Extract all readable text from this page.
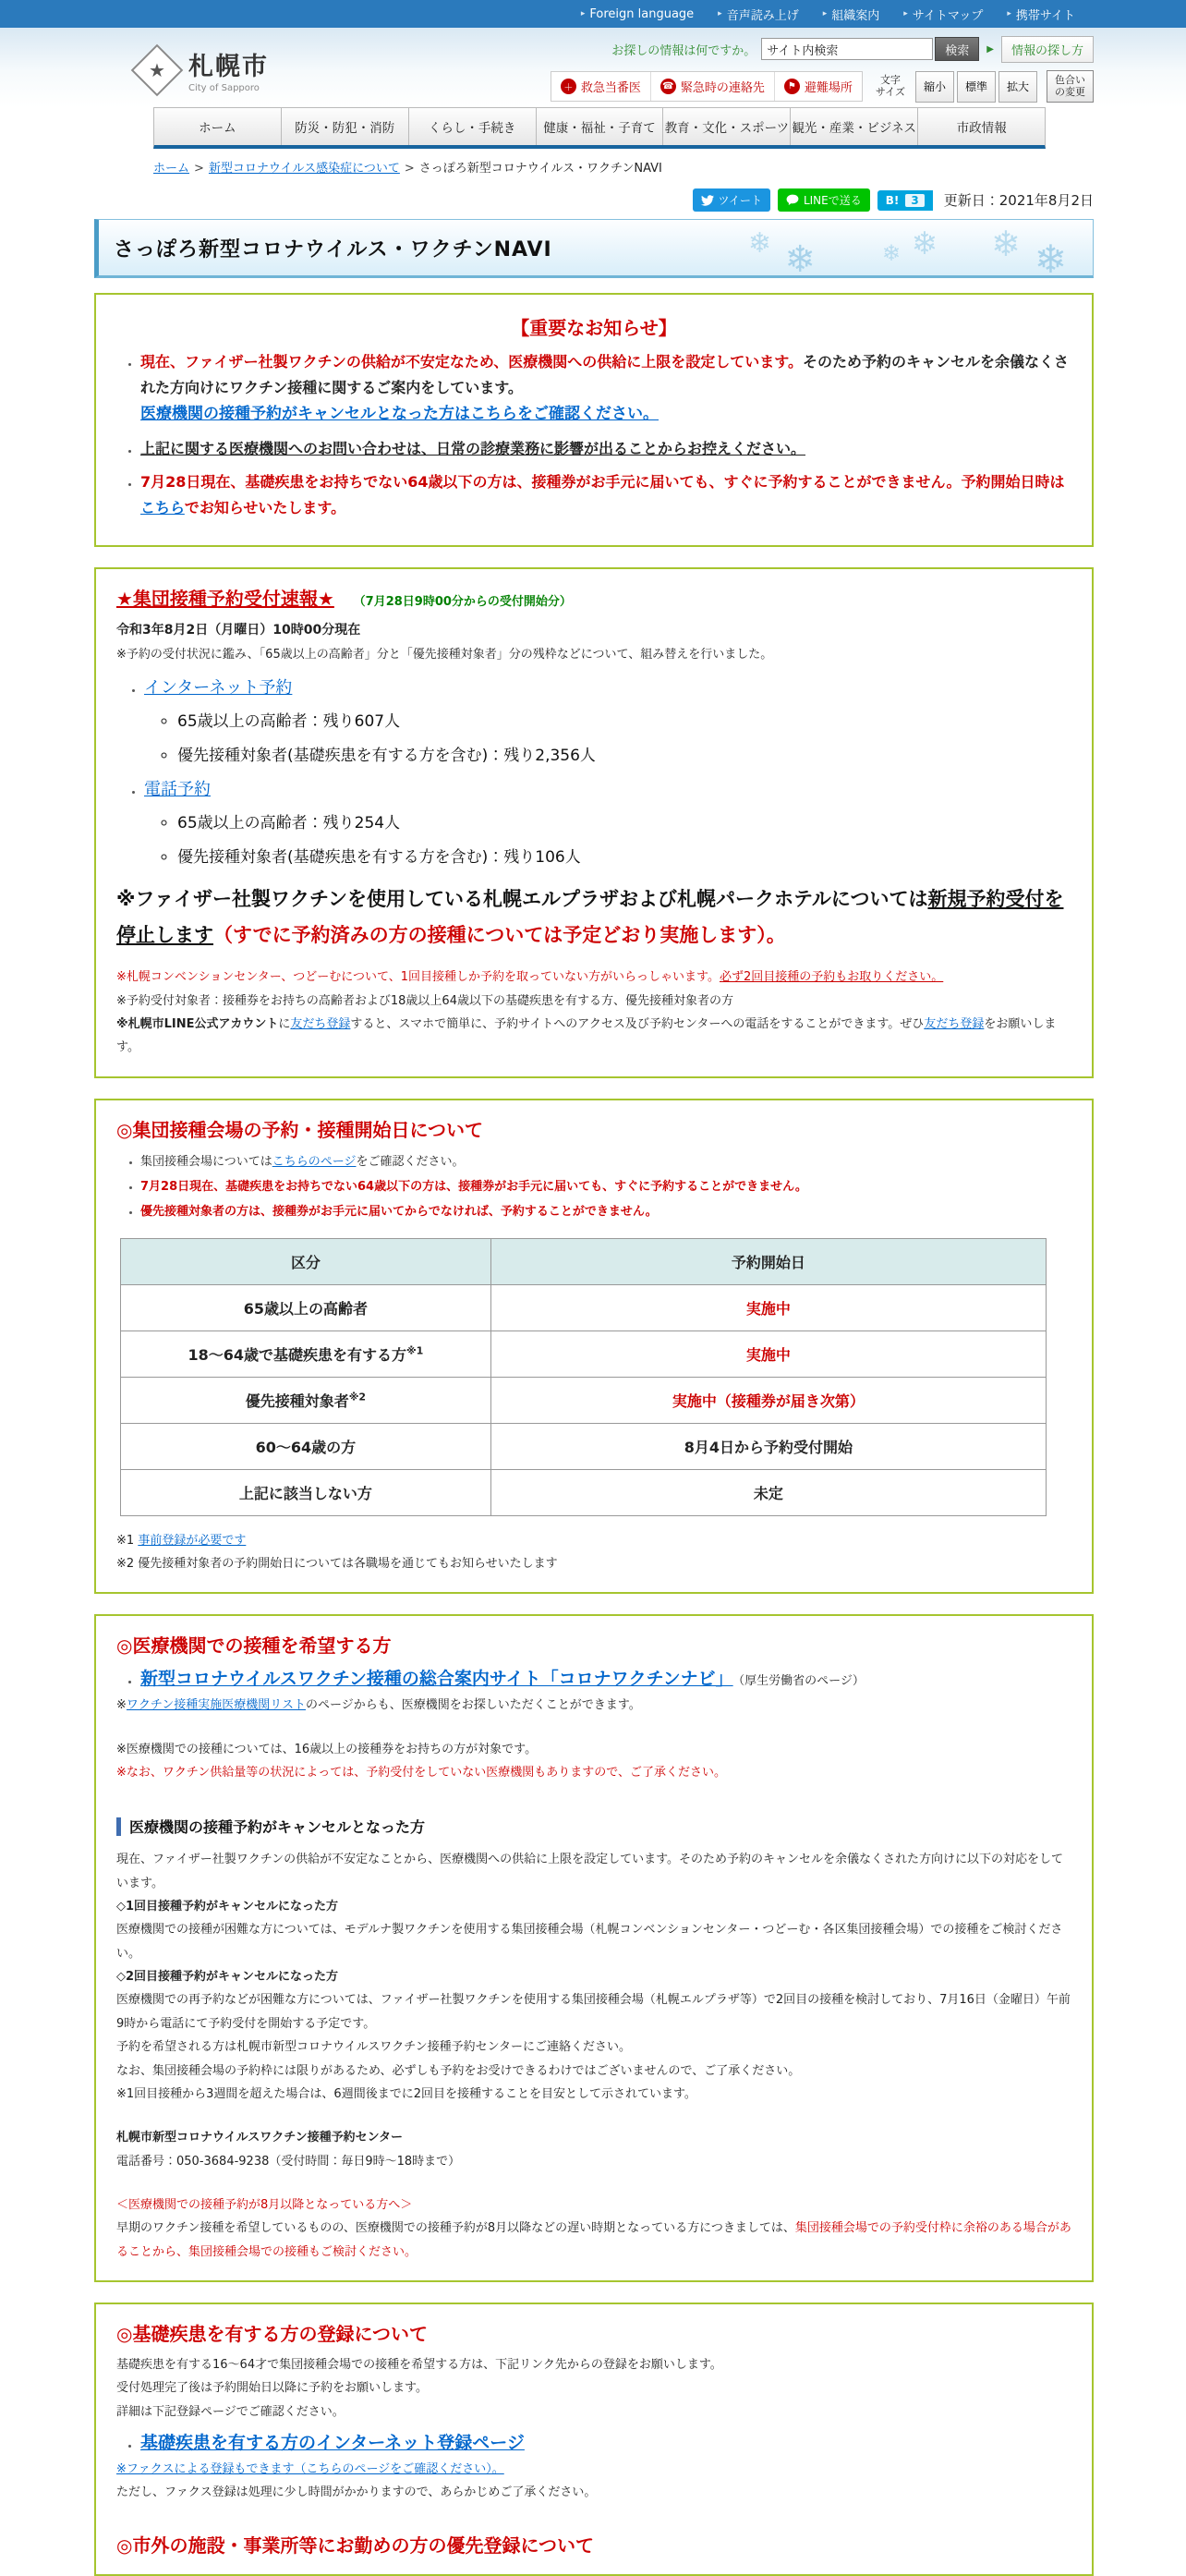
▸ Foreign language	▸ 音声読み上げ	▸ 組織案内	▸ サイトマップ	▸ 携帯サイト
★ 札幌市
City of Sapporo
お探しの情報は何ですか。
サイト内検索	検索	▶	情報の探し方
＋ 救急当番医 ☎ 緊急時の連絡先	⚑ 避難場所
文字
サイズ	縮小	標準	拡大
色合い
の変更
ホーム	防災・防犯・消防	くらし・手続き	健康・福祉・子育て 教育・文化・スポーツ 観光・産業・ビジネス	市政情報
ホーム > 新型コロナウイルス感染症について > さっぽろ新型コロナウイルス・ワクチンNAVI
ツイート	LINEで送る B!	3	更新日：2021年8月2日
さっぽろ新型コロナウイルス・ワクチンNAVI	❄ ❄	❄ ❄ ❄ ❄
【重要なお知らせ】
• 現在、ファイザー社製ワクチンの供給が不安定なため、医療機関への供給に上限を設定しています。そのため予約のキャンセルを余儀なくされた方向けにワクチン接種に関するご案内をしています。
医療機関の接種予約がキャンセルとなった方はこちらをご確認ください。
• 上記に関する医療機関へのお問い合わせは、日常の診療業務に影響が出ることからお控えください。
• 7月28日現在、基礎疾患をお持ちでない64歳以下の方は、接種券がお手元に届いても、すぐに予約することができません。予約開始日時はこちらでお知らせいたします。
★集団接種予約受付速報★ （7月28日9時00分からの受付開始分）

令和3年8月2日（月曜日）10時00分現在

※予約の受付状況に鑑み、「65歳以上の高齢者」分と「優先接種対象者」分の残枠などについて、組み替えを行いました。

• インターネット予約
◦ 65歳以上の高齢者：残り607人
◦ 優先接種対象者(基礎疾患を有する方を含む)：残り2,356人
• 電話予約
◦ 65歳以上の高齢者：残り254人
◦ 優先接種対象者(基礎疾患を有する方を含む)：残り106人

※ファイザー社製ワクチンを使用している札幌エルプラザおよび札幌パークホテルについては新規予約受付を停止します（すでに予約済みの方の接種については予定どおり実施します）。

※札幌コンベンションセンター、つどーむについて、1回目接種しか予約を取っていない方がいらっしゃいます。必ず2回目接種の予約もお取りください。

※予約受付対象者：接種券をお持ちの高齢者および18歳以上64歳以下の基礎疾患を有する方、優先接種対象者の方

※札幌市LINE公式アカウントに友だち登録すると、スマホで簡単に、予約サイトへのアクセス及び予約センターへの電話をすることができます。ぜひ友だち登録をお願いします。

◎集団接種会場の予約・接種開始日について
• 集団接種会場についてはこちらのページをご確認ください。
• 7月28日現在、基礎疾患をお持ちでない64歳以下の方は、接種券がお手元に届いても、すぐに予約することができません。
• 優先接種対象者の方は、接種券がお手元に届いてからでなければ、予約することができません。
区分	予約開始日
65歳以上の高齢者	実施中
18～64歳で基礎疾患を有する方$^{※1}$	実施中
優先接種対象者$^{※2}$	実施中（接種券が届き次第）
60～64歳の方	8月4日から予約受付開始
上記に該当しない方	未定

※1 事前登録が必要です

※2 優先接種対象者の予約開始日については各職場を通じてもお知らせいたします

◎医療機関での接種を希望する方
• 新型コロナウイルスワクチン接種の総合案内サイト「コロナワクチンナビ」 （厚生労働省のページ）

※ワクチン接種実施医療機関リストのページからも、医療機関をお探しいただくことができます。

※医療機関での接種については、16歳以上の接種券をお持ちの方が対象です。

※なお、ワクチン供給量等の状況によっては、予約受付をしていない医療機関もありますので、ご了承ください。

医療機関の接種予約がキャンセルとなった方

現在、ファイザー社製ワクチンの供給が不安定なことから、医療機関への供給に上限を設定しています。そのため予約のキャンセルを余儀なくされた方向けに以下の対応をしています。

◇1回目接種予約がキャンセルになった方

医療機関での接種が困難な方については、モデルナ製ワクチンを使用する集団接種会場（札幌コンベンションセンター・つどーむ・各区集団接種会場）での接種をご検討ください。

◇2回目接種予約がキャンセルになった方

医療機関での再予約などが困難な方については、ファイザー社製ワクチンを使用する集団接種会場（札幌エルプラザ等）で2回目の接種を検討しており、7月16日（金曜日）午前9時から電話にて予約受付を開始する予定です。

予約を希望される方は札幌市新型コロナウイルスワクチン接種予約センターにご連絡ください。

なお、集団接種会場の予約枠には限りがあるため、必ずしも予約をお受けできるわけではございませんので、ご了承ください。

※1回目接種から3週間を超えた場合は、6週間後までに2回目を接種することを目安として示されています。

札幌市新型コロナウイルスワクチン接種予約センター

電話番号：050-3684-9238（受付時間：毎日9時～18時まで）

＜医療機関での接種予約が8月以降となっている方へ＞

早期のワクチン接種を希望しているものの、医療機関での接種予約が8月以降などの遅い時期となっている方につきましては、集団接種会場での予約受付枠に余裕のある場合があることから、集団接種会場での接種もご検討ください。

◎基礎疾患を有する方の登録について

基礎疾患を有する16～64才で集団接種会場での接種を希望する方は、下記リンク先からの登録をお願いします。

受付処理完了後は予約開始日以降に予約をお願いします。

詳細は下記登録ページでご確認ください。

• 基礎疾患を有する方のインターネット登録ページ

※ファクスによる登録もできます（こちらのページをご確認ください）。

ただし、ファクス登録は処理に少し時間がかかりますので、あらかじめご了承ください。

◎市外の施設・事業所等にお勤めの方の優先登録について
